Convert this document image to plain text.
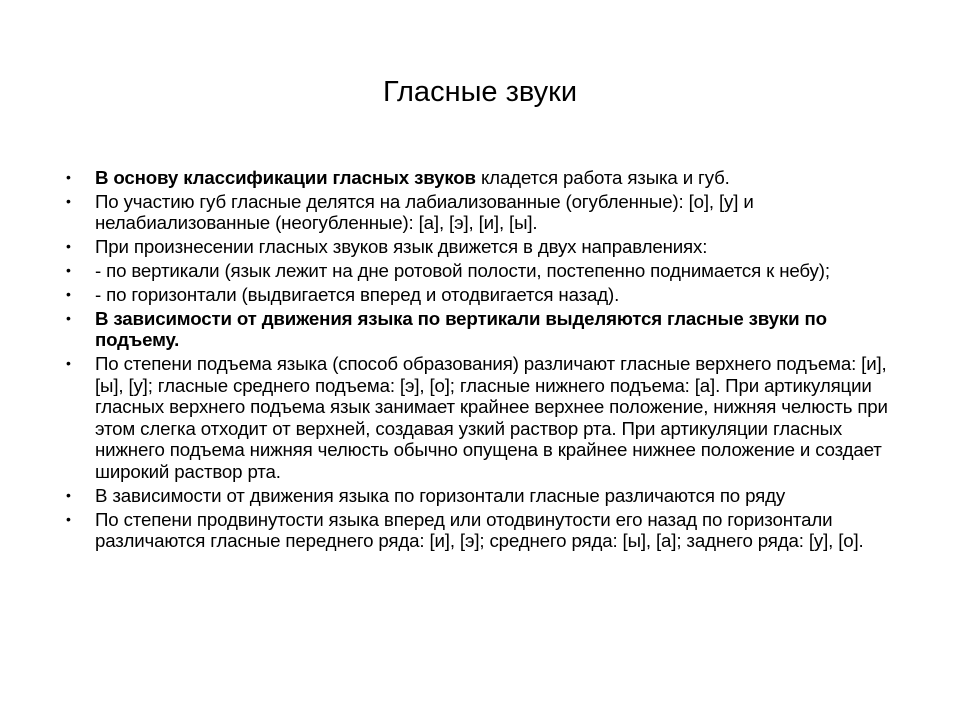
Гласные звуки
•	В основу классификации гласных звуков кладется работа языка и губ.
•	По участию губ гласные делятся на лабиализованные (огубленные): [о], [у] и нелабиализованные (неогубленные): [а], [э], [и], [ы].
•	При произнесении гласных звуков язык движется в двух направлениях:
•	- по вертикали (язык лежит на дне ротовой полости, постепенно поднимается к небу);
•	- по горизонтали (выдвигается вперед и отодвигается назад).
•	В зависимости от движения языка по вертикали выделяются гласные звуки по подъему.
•	По степени подъема языка (способ образования) различают гласные верхнего подъема: [и], [ы], [у]; гласные среднего подъема: [э], [о]; гласные нижнего подъема: [а]. При артикуляции гласных верхнего подъема язык занимает крайнее верхнее положение, нижняя челюсть при этом слегка отходит от верхней, создавая узкий раствор рта. При артикуляции гласных нижнего подъема нижняя челюсть обычно опущена в крайнее нижнее положение и создает широкий раствор рта.
•	В зависимости от движения языка по горизонтали гласные различаются по ряду
•	По степени продвинутости языка вперед или отодвинутости его назад по горизонтали различаются гласные переднего ряда: [и], [э]; среднего ряда: [ы], [а]; заднего ряда: [у], [о].
